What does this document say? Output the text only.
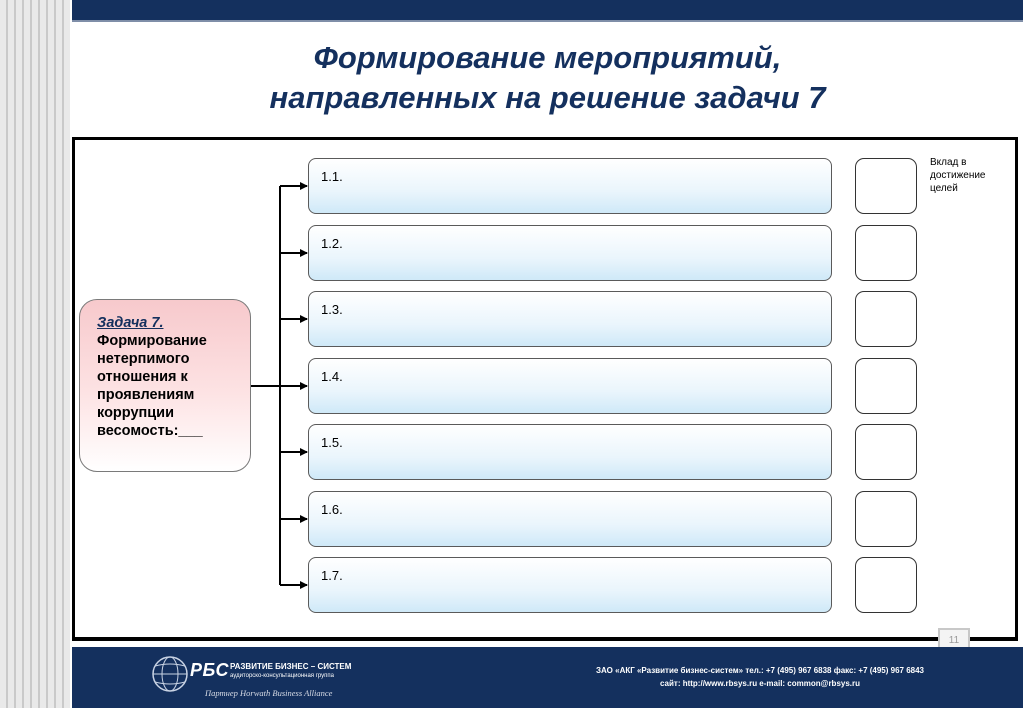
Формирование мероприятий,
направленных на решение задачи 7
Задача 7.
Формирование
нетерпимого
отношения к
проявлениям
коррупции
весомость:___
1.1.
1.2.
1.3.
1.4.
1.5.
1.6.
1.7.
Вклад в достижение целей
11
РБС РАЗВИТИЕ БИЗНЕС – СИСТЕМ
аудиторско-консультационная группа
Партнер Horwath Business Alliance
ЗАО «АКГ «Развитие бизнес-систем» тел.: +7 (495) 967 6838 факс: +7 (495) 967 6843
сайт: http://www.rbsys.ru e-mail: common@rbsys.ru
